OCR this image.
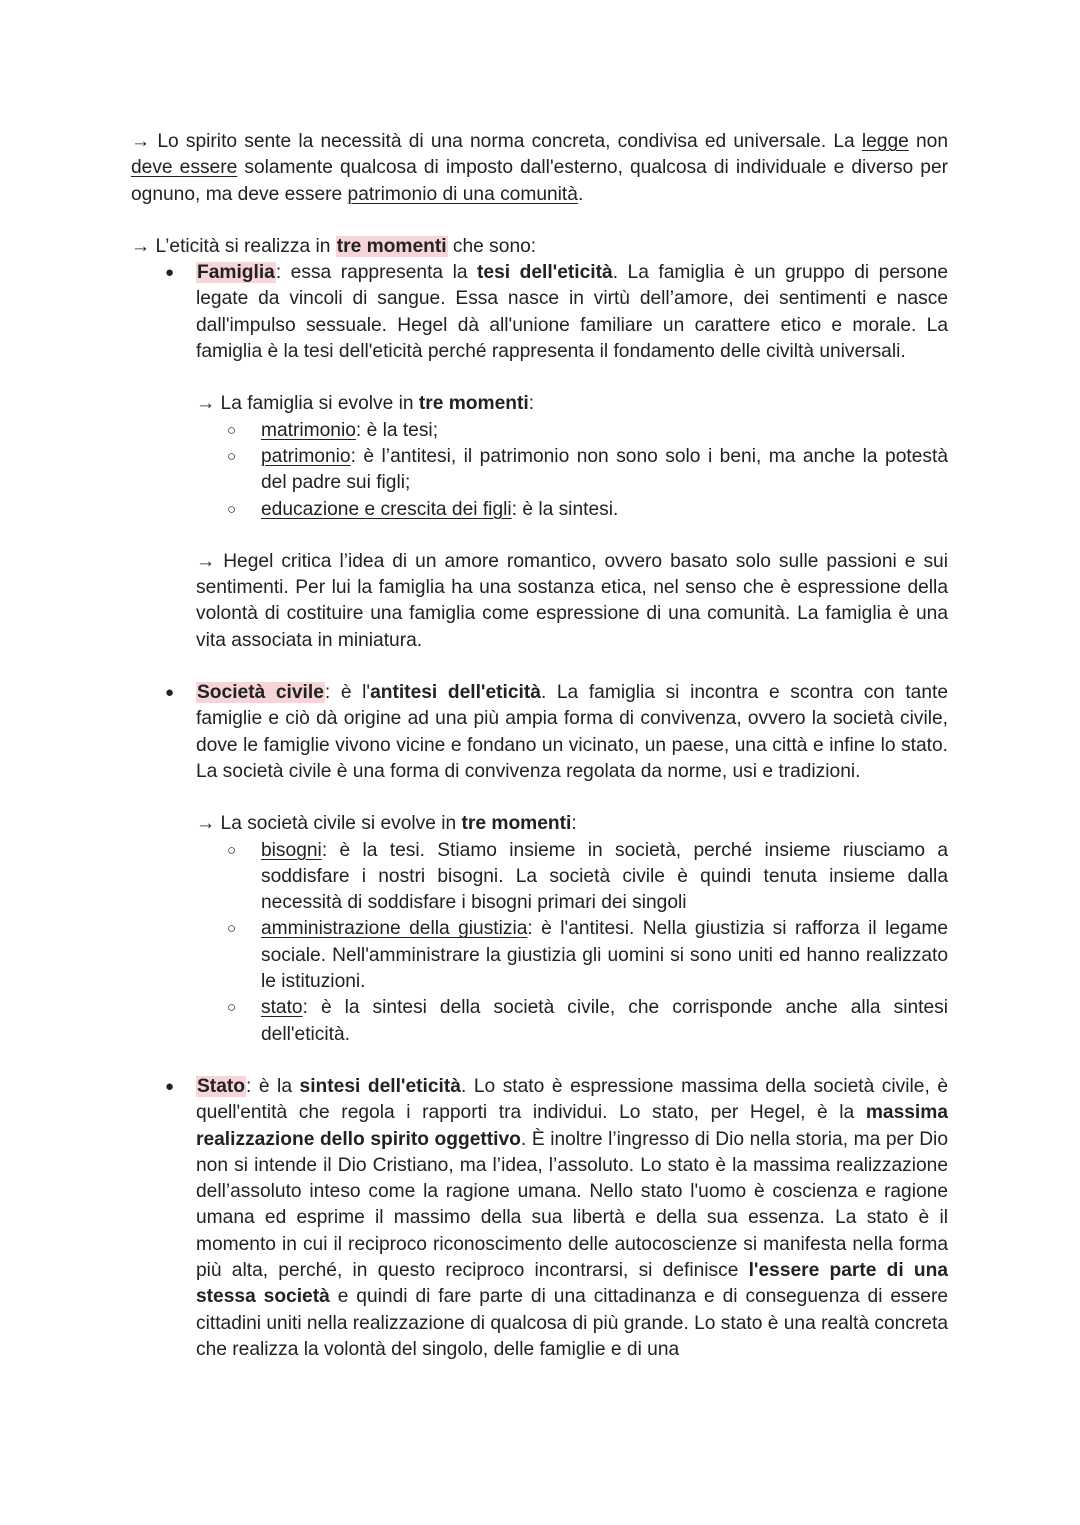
→ Lo spirito sente la necessità di una norma concreta, condivisa ed universale. La legge non deve essere solamente qualcosa di imposto dall'esterno, qualcosa di individuale e diverso per ognuno, ma deve essere patrimonio di una comunità.

→ L’eticità si realizza in tre momenti che sono:

● Famiglia: essa rappresenta la tesi dell'eticità. La famiglia è un gruppo di persone legate da vincoli di sangue. Essa nasce in virtù dell’amore, dei sentimenti e nasce dall'impulso sessuale. Hegel dà all'unione familiare un carattere etico e morale. La famiglia è la tesi dell'eticità perché rappresenta il fondamento delle civiltà universali.

→ La famiglia si evolve in tre momenti:

○ matrimonio: è la tesi;

○ patrimonio: è l’antitesi, il patrimonio non sono solo i beni, ma anche la potestà del padre sui figli;

○ educazione e crescita dei figli: è la sintesi.

→ Hegel critica l’idea di un amore romantico, ovvero basato solo sulle passioni e sui sentimenti. Per lui la famiglia ha una sostanza etica, nel senso che è espressione della volontà di costituire una famiglia come espressione di una comunità. La famiglia è una vita associata in miniatura.

● Società civile: è l'antitesi dell'eticità. La famiglia si incontra e scontra con tante famiglie e ciò dà origine ad una più ampia forma di convivenza, ovvero la società civile, dove le famiglie vivono vicine e fondano un vicinato, un paese, una città e infine lo stato. La società civile è una forma di convivenza regolata da norme, usi e tradizioni.

→ La società civile si evolve in tre momenti:

○ bisogni: è la tesi. Stiamo insieme in società, perché insieme riusciamo a soddisfare i nostri bisogni. La società civile è quindi tenuta insieme dalla necessità di soddisfare i bisogni primari dei singoli

○ amministrazione della giustizia: è l'antitesi. Nella giustizia si rafforza il legame sociale. Nell'amministrare la giustizia gli uomini si sono uniti ed hanno realizzato le istituzioni.

○ stato: è la sintesi della società civile, che corrisponde anche alla sintesi dell'eticità.

● Stato: è la sintesi dell'eticità. Lo stato è espressione massima della società civile, è quell'entità che regola i rapporti tra individui. Lo stato, per Hegel, è la massima realizzazione dello spirito oggettivo. È inoltre l’ingresso di Dio nella storia, ma per Dio non si intende il Dio Cristiano, ma l’idea, l’assoluto. Lo stato è la massima realizzazione dell’assoluto inteso come la ragione umana. Nello stato l'uomo è coscienza e ragione umana ed esprime il massimo della sua libertà e della sua essenza. La stato è il momento in cui il reciproco riconoscimento delle autocoscienze si manifesta nella forma più alta, perché, in questo reciproco incontrarsi, si definisce l'essere parte di una stessa società e quindi di fare parte di una cittadinanza e di conseguenza di essere cittadini uniti nella realizzazione di qualcosa di più grande. Lo stato è una realtà concreta che realizza la volontà del singolo, delle famiglie e di una
